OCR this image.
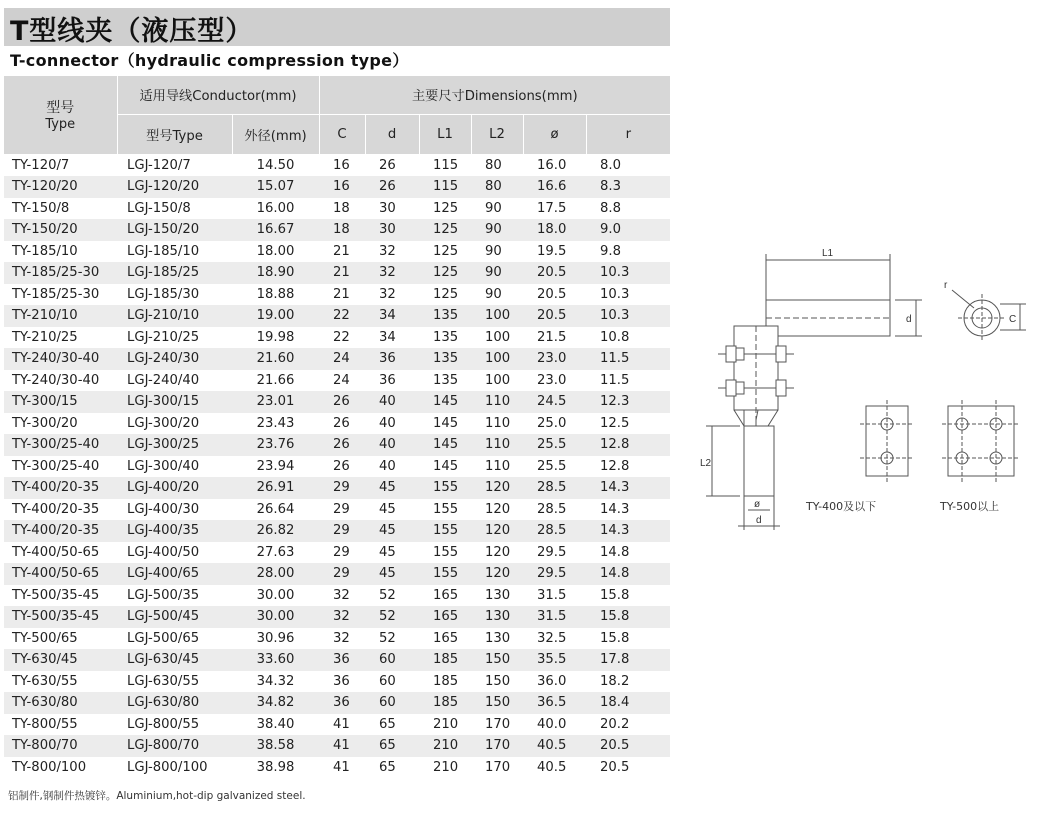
T型线夹（液压型）
T-connector（hydraulic compression type）
型号
Type	适用导线Conductor(mm)		主要尺寸Dimensions(mm)					
	型号Type	外径(mm)	C	d	L1	L2	ø	r
TY-120/7	LGJ-120/7	14.50	16	26	115	80	16.0	8.0
TY-120/20	LGJ-120/20	15.07	16	26	115	80	16.6	8.3
TY-150/8	LGJ-150/8	16.00	18	30	125	90	17.5	8.8
TY-150/20	LGJ-150/20	16.67	18	30	125	90	18.0	9.0
TY-185/10	LGJ-185/10	18.00	21	32	125	90	19.5	9.8
TY-185/25-30	LGJ-185/25	18.90	21	32	125	90	20.5	10.3
TY-185/25-30	LGJ-185/30	18.88	21	32	125	90	20.5	10.3
TY-210/10	LGJ-210/10	19.00	22	34	135	100	20.5	10.3
TY-210/25	LGJ-210/25	19.98	22	34	135	100	21.5	10.8
TY-240/30-40	LGJ-240/30	21.60	24	36	135	100	23.0	11.5
TY-240/30-40	LGJ-240/40	21.66	24	36	135	100	23.0	11.5
TY-300/15	LGJ-300/15	23.01	26	40	145	110	24.5	12.3
TY-300/20	LGJ-300/20	23.43	26	40	145	110	25.0	12.5
TY-300/25-40	LGJ-300/25	23.76	26	40	145	110	25.5	12.8
TY-300/25-40	LGJ-300/40	23.94	26	40	145	110	25.5	12.8
TY-400/20-35	LGJ-400/20	26.91	29	45	155	120	28.5	14.3
TY-400/20-35	LGJ-400/30	26.64	29	45	155	120	28.5	14.3
TY-400/20-35	LGJ-400/35	26.82	29	45	155	120	28.5	14.3
TY-400/50-65	LGJ-400/50	27.63	29	45	155	120	29.5	14.8
TY-400/50-65	LGJ-400/65	28.00	29	45	155	120	29.5	14.8
TY-500/35-45	LGJ-500/35	30.00	32	52	165	130	31.5	15.8
TY-500/35-45	LGJ-500/45	30.00	32	52	165	130	31.5	15.8
TY-500/65	LGJ-500/65	30.96	32	52	165	130	32.5	15.8
TY-630/45	LGJ-630/45	33.60	36	60	185	150	35.5	17.8
TY-630/55	LGJ-630/55	34.32	36	60	185	150	36.0	18.2
TY-630/80	LGJ-630/80	34.82	36	60	185	150	36.5	18.4
TY-800/55	LGJ-800/55	38.40	41	65	210	170	40.0	20.2
TY-800/70	LGJ-800/70	38.58	41	65	210	170	40.5	20.5
TY-800/100	LGJ-800/100	38.98	41	65	210	170	40.5	20.5
铝制件,钢制件热镀锌。Aluminium,hot-dip galvanized steel.
L1
d
r
C
L2
ø
d
TY-400及以下	TY-500以上
